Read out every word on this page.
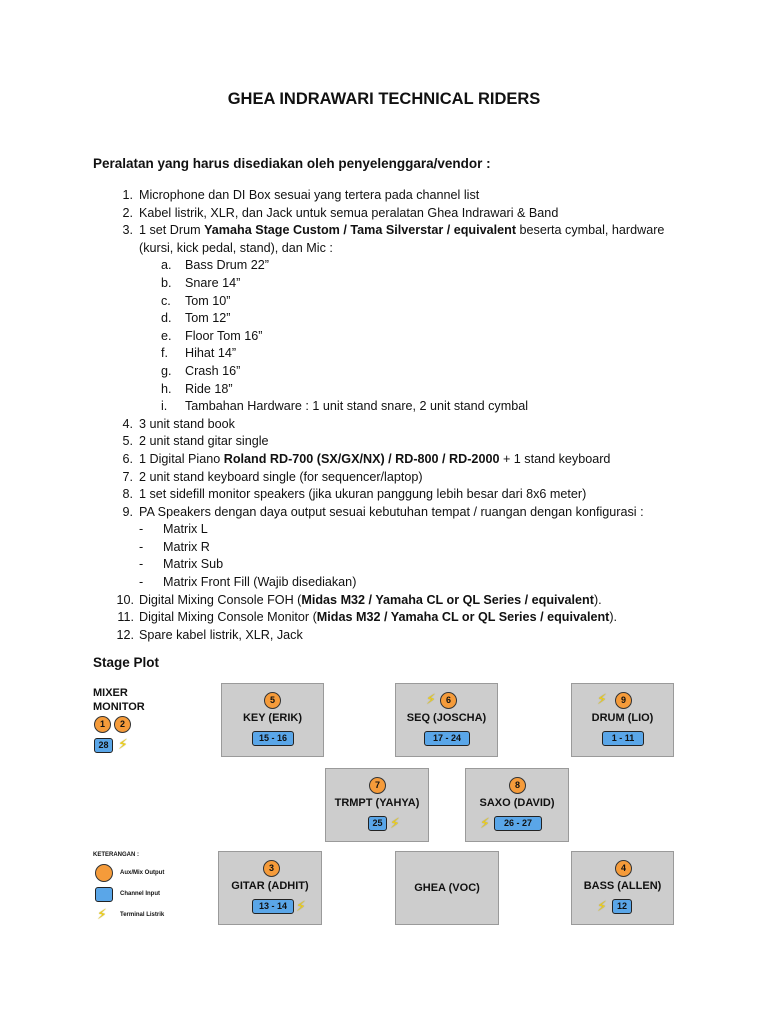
GHEA INDRAWARI TECHNICAL RIDERS
Peralatan yang harus disediakan oleh penyelenggara/vendor :
1. Microphone dan DI Box sesuai yang tertera pada channel list
2. Kabel listrik, XLR, dan Jack untuk semua peralatan Ghea Indrawari & Band
3. 1 set Drum Yamaha Stage Custom / Tama Silverstar / equivalent beserta cymbal, hardware
(kursi, kick pedal, stand), dan Mic :
a. Bass Drum 22”
b. Snare 14”
c. Tom 10”
d. Tom 12”
e. Floor Tom 16”
f. Hihat 14”
g. Crash 16”
h. Ride 18”
i. Tambahan Hardware : 1 unit stand snare, 2 unit stand cymbal
4. 3 unit stand book
5. 2 unit stand gitar single
6. 1 Digital Piano Roland RD-700 (SX/GX/NX) / RD-800 / RD-2000 + 1 stand keyboard
7. 2 unit stand keyboard single (for sequencer/laptop)
8. 1 set sidefill monitor speakers (jika ukuran panggung lebih besar dari 8x6 meter)
9. PA Speakers dengan daya output sesuai kebutuhan tempat / ruangan dengan konfigurasi :
- Matrix L
- Matrix R
- Matrix Sub
- Matrix Front Fill (Wajib disediakan)
10. Digital Mixing Console FOH (Midas M32 / Yamaha CL or QL Series / equivalent).
11. Digital Mixing Console Monitor (Midas M32 / Yamaha CL or QL Series / equivalent).
12. Spare kabel listrik, XLR, Jack
Stage Plot
MIXER
MONITOR
1	2
28 ⚡
5
KEY (ERIK)
15 - 16
⚡	6
SEQ (JOSCHA)
17 - 24
⚡	9
DRUM (LIO)
1 - 11
7
TRMPT (YAHYA)
25 ⚡
8
SAXO (DAVID)
⚡	26 - 27
3
GITAR (ADHIT)
13 - 14 ⚡
GHEA (VOC)
4
BASS (ALLEN)
⚡	12
KETERANGAN :
Aux/Mix Output
Channel Input
⚡ Terminal Listrik
